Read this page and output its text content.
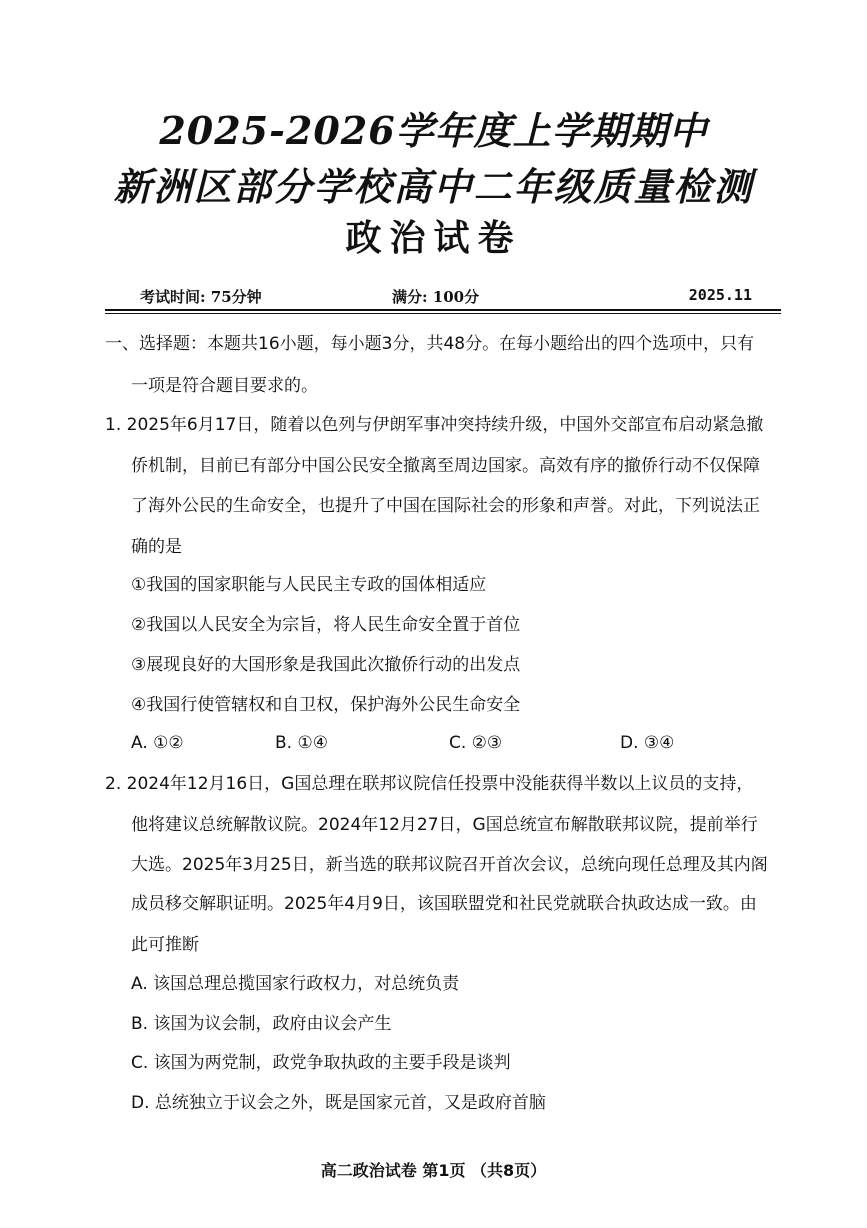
2025-2026学年度上学期期中
新洲区部分学校高中二年级质量检测
政治试卷
考试时间: 75分钟	满分: 100分	2025.11
一、选择题：本题共16小题，每小题3分，共48分。在每小题给出的四个选项中，只有
一项是符合题目要求的。
1. 2025年6月17日，随着以色列与伊朗军事冲突持续升级，中国外交部宣布启动紧急撤
侨机制，目前已有部分中国公民安全撤离至周边国家。高效有序的撤侨行动不仅保障
了海外公民的生命安全，也提升了中国在国际社会的形象和声誉。对此，下列说法正
确的是
①我国的国家职能与人民民主专政的国体相适应
②我国以人民安全为宗旨，将人民生命安全置于首位
③展现良好的大国形象是我国此次撤侨行动的出发点
④我国行使管辖权和自卫权，保护海外公民生命安全
A. ①②	B. ①④	C. ②③	D. ③④
2. 2024年12月16日，G国总理在联邦议院信任投票中没能获得半数以上议员的支持，
他将建议总统解散议院。2024年12月27日，G国总统宣布解散联邦议院，提前举行
大选。2025年3月25日，新当选的联邦议院召开首次会议，总统向现任总理及其内阁
成员移交解职证明。2025年4月9日，该国联盟党和社民党就联合执政达成一致。由
此可推断
A. 该国总理总揽国家行政权力，对总统负责
B. 该国为议会制，政府由议会产生
C. 该国为两党制，政党争取执政的主要手段是谈判
D. 总统独立于议会之外，既是国家元首，又是政府首脑
高二政治试卷 第1页 （共8页）
